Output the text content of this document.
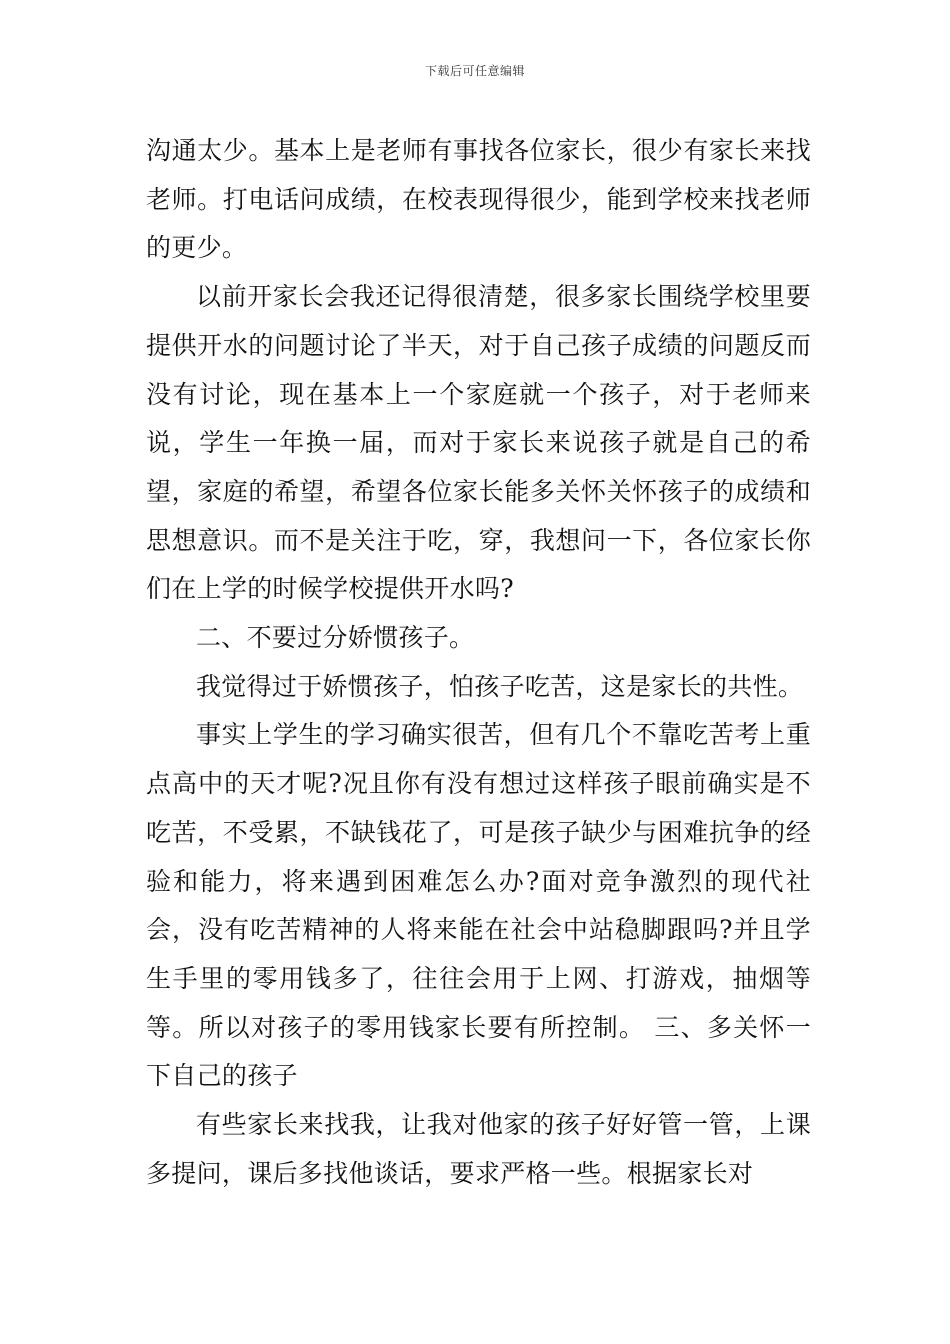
下载后可任意编辑

沟通太少。基本上是老师有事找各位家长，很少有家长来找老师。打电话问成绩，在校表现得很少，能到学校来找老师的更少。

以前开家长会我还记得很清楚，很多家长围绕学校里要提供开水的问题讨论了半天，对于自己孩子成绩的问题反而没有讨论，现在基本上一个家庭就一个孩子，对于老师来说，学生一年换一届，而对于家长来说孩子就是自己的希望，家庭的希望，希望各位家长能多关怀关怀孩子的成绩和思想意识。而不是关注于吃，穿，我想问一下，各位家长你们在上学的时候学校提供开水吗?

二、不要过分娇惯孩子。

我觉得过于娇惯孩子，怕孩子吃苦，这是家长的共性。

事实上学生的学习确实很苦，但有几个不靠吃苦考上重点高中的天才呢?况且你有没有想过这样孩子眼前确实是不吃苦，不受累，不缺钱花了，可是孩子缺少与困难抗争的经验和能力，将来遇到困难怎么办?面对竞争激烈的现代社会，没有吃苦精神的人将来能在社会中站稳脚跟吗?并且学生手里的零用钱多了，往往会用于上网、打游戏，抽烟等等。所以对孩子的零用钱家长要有所控制。 三、多关怀一下自己的孩子

有些家长来找我，让我对他家的孩子好好管一管，上课多提问，课后多找他谈话，要求严格一些。根据家长对
